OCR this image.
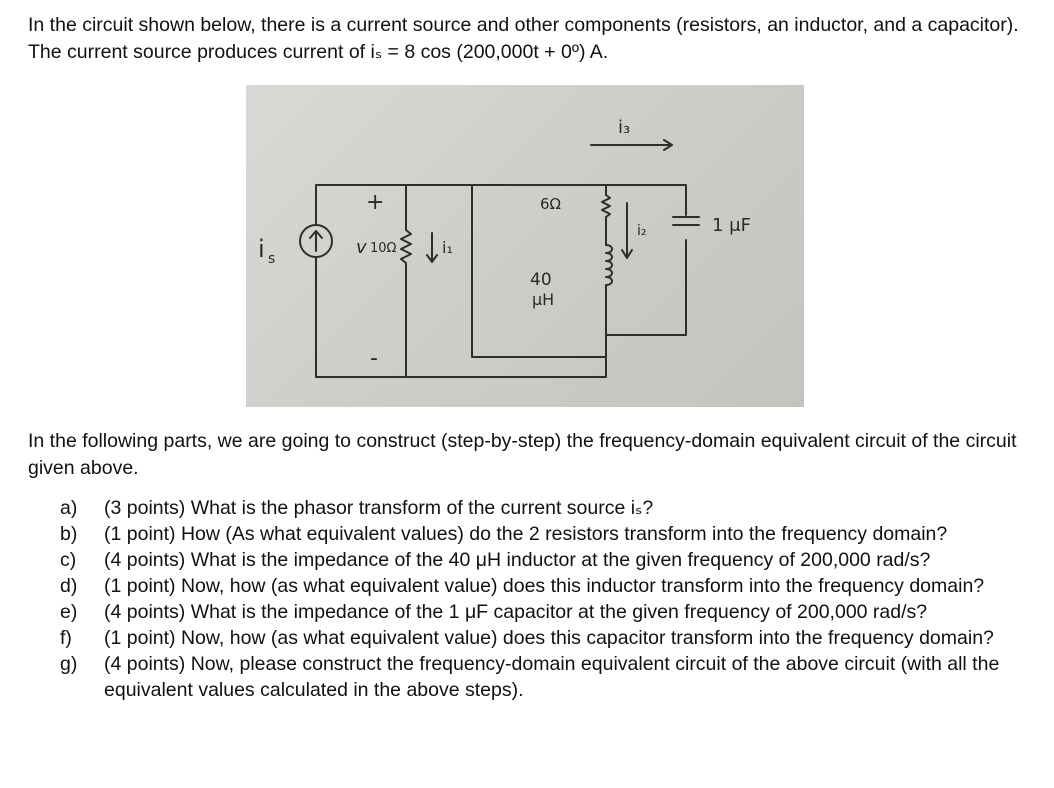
In the circuit shown below, there is a current source and other components (resistors, an inductor, and a capacitor). The current source produces current of iₛ = 8 cos (200,000t + 0º) A.

i s
+
v
-
10Ω	i₁
6Ω
40
μH
i₂
i₃
1 μF

In the following parts, we are going to construct (step-by-step) the frequency-domain equivalent circuit of the circuit given above.

a) (3 points) What is the phasor transform of the current source iₛ?
b) (1 point) How (As what equivalent values) do the 2 resistors transform into the frequency domain?
c) (4 points) What is the impedance of the 40 μH inductor at the given frequency of 200,000 rad/s?
d) (1 point) Now, how (as what equivalent value) does this inductor transform into the frequency domain?
e) (4 points) What is the impedance of the 1 μF capacitor at the given frequency of 200,000 rad/s?
f) (1 point) Now, how (as what equivalent value) does this capacitor transform into the frequency domain?
g) (4 points) Now, please construct the frequency-domain equivalent circuit of the above circuit (with all the equivalent values calculated in the above steps).
